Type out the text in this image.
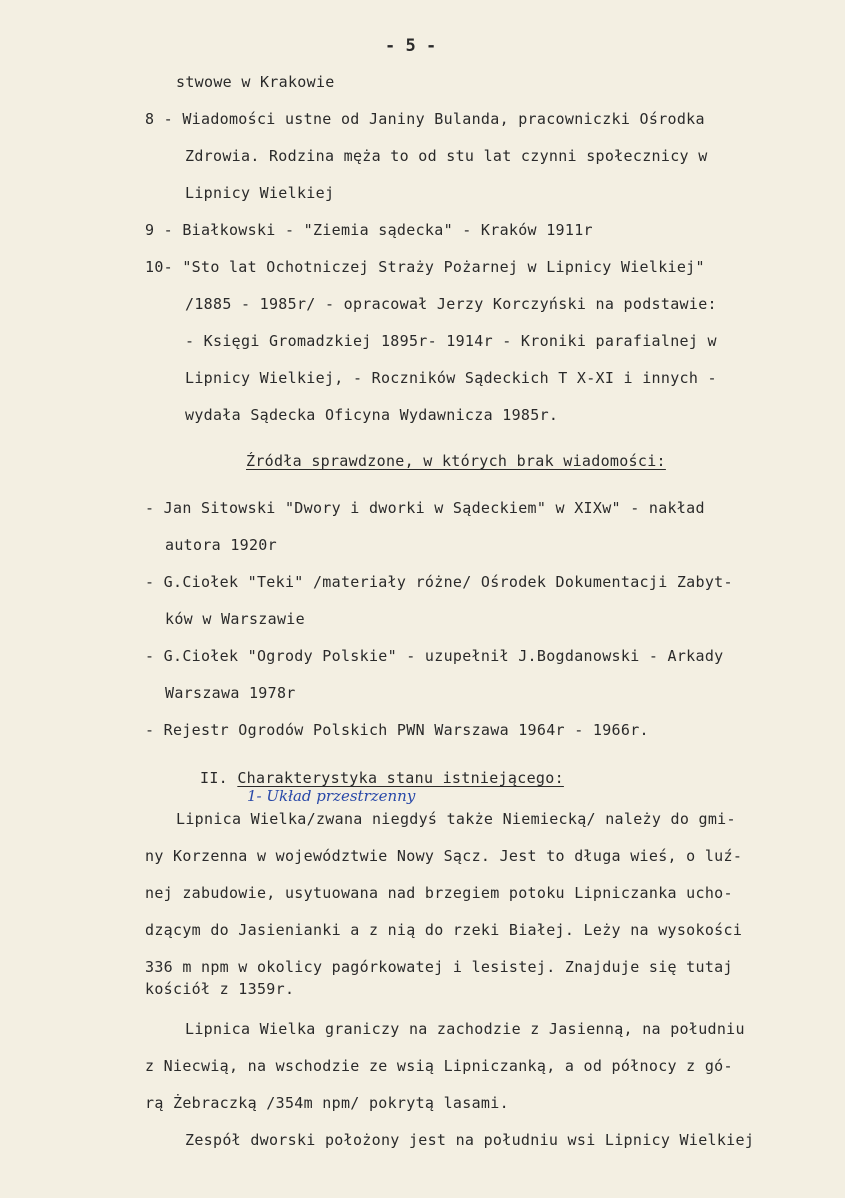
- 5 -

stwowe w Krakowie

8 - Wiadomości ustne od Janiny Bulanda, pracowniczki Ośrodka

Zdrowia. Rodzina męża to od stu lat czynni społecznicy w

Lipnicy Wielkiej

9 - Białkowski - "Ziemia sądecka" - Kraków 1911r

10- "Sto lat Ochotniczej Straży Pożarnej w Lipnicy Wielkiej"

/1885 - 1985r/ - opracował Jerzy Korczyński na podstawie:

- Księgi Gromadzkiej 1895r- 1914r - Kroniki parafialnej w

Lipnicy Wielkiej, - Roczników Sądeckich T X-XI i innych -

wydała Sądecka Oficyna Wydawnicza 1985r.

Źródła sprawdzone, w których brak wiadomości:

- Jan Sitowski "Dwory i dworki w Sądeckiem" w XIXw" - nakład

autora 1920r

- G.Ciołek "Teki" /materiały różne/ Ośrodek Dokumentacji Zabyt-

ków w Warszawie

- G.Ciołek "Ogrody Polskie" - uzupełnił J.Bogdanowski - Arkady

Warszawa 1978r

- Rejestr Ogrodów Polskich PWN Warszawa 1964r - 1966r.

II. Charakterystyka stanu istniejącego:

1- Układ przestrzenny

Lipnica Wielka/zwana niegdyś także Niemiecką/ należy do gmi-

ny Korzenna w województwie Nowy Sącz. Jest to długa wieś, o luź-

nej zabudowie, usytuowana nad brzegiem potoku Lipniczanka ucho-

dzącym do Jasienianki a z nią do rzeki Białej. Leży na wysokości

336 m npm w okolicy pagórkowatej i lesistej. Znajduje się tutaj

kościół z 1359r.

Lipnica Wielka graniczy na zachodzie z Jasienną, na południu

z Niecwią, na wschodzie ze wsią Lipniczanką, a od północy z gó-

rą Żebraczką /354m npm/ pokrytą lasami.

Zespół dworski położony jest na południu wsi Lipnicy Wielkiej
